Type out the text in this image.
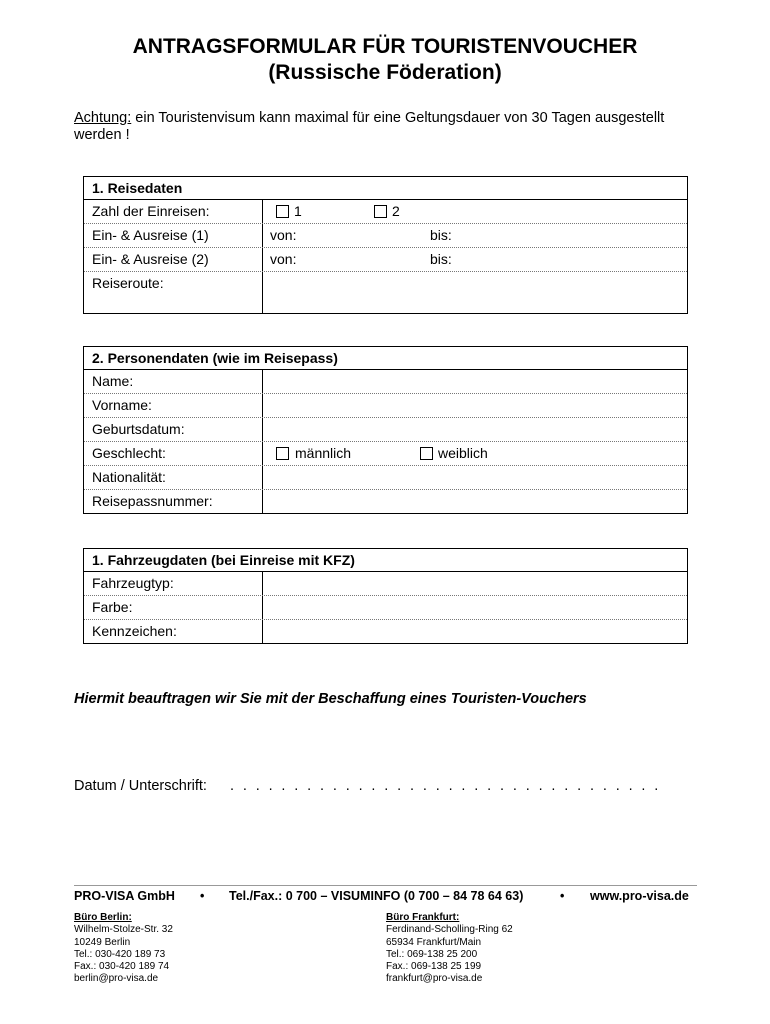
ANTRAGSFORMULAR FÜR TOURISTENVOUCHER
(Russische Föderation)
Achtung: ein Touristenvisum kann maximal für eine Geltungsdauer von 30 Tagen ausgestellt werden !
1. Reisedaten
Zahl der Einreisen:	1	2
Ein- & Ausreise (1)	von:	bis:
Ein- & Ausreise (2)	von:	bis:
Reiseroute:
2. Personendaten (wie im Reisepass)
Name:
Vorname:
Geburtsdatum:
Geschlecht:	männlich	weiblich
Nationalität:
Reisepassnummer:
1. Fahrzeugdaten (bei Einreise mit KFZ)
Fahrzeugtyp:
Farbe:
Kennzeichen:
Hiermit beauftragen wir Sie mit der Beschaffung eines Touristen-Vouchers
Datum / Unterschrift: . . . . . . . . . . . . . . . . . . . . . . . . . . . . . . . . . .
PRO-VISA GmbH • Tel./Fax.: 0 700 – VISUMINFO (0 700 – 84 78 64 63)	• www.pro-visa.de
Büro Berlin:
Wilhelm-Stolze-Str. 32
10249 Berlin
Tel.: 030-420 189 73
Fax.: 030-420 189 74
berlin@pro-visa.de
Büro Frankfurt:
Ferdinand-Scholling-Ring 62
65934 Frankfurt/Main
Tel.: 069-138 25 200
Fax.: 069-138 25 199
frankfurt@pro-visa.de
